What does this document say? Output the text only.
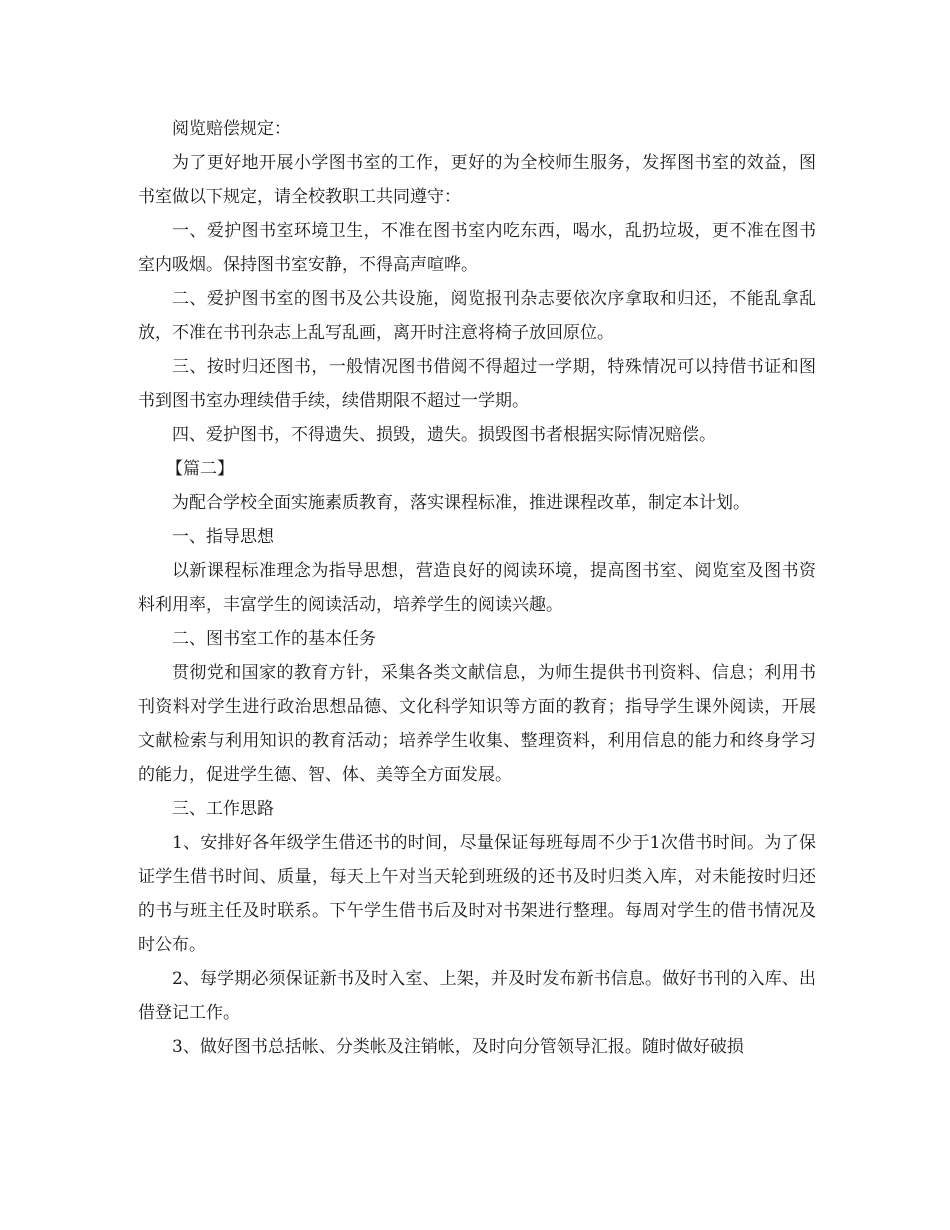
阅览赔偿规定：

为了更好地开展小学图书室的工作，更好的为全校师生服务，发挥图书室的效益，图书室做以下规定，请全校教职工共同遵守：

一、爱护图书室环境卫生，不准在图书室内吃东西，喝水，乱扔垃圾，更不准在图书室内吸烟。保持图书室安静，不得高声喧哗。

二、爱护图书室的图书及公共设施，阅览报刊杂志要依次序拿取和归还，不能乱拿乱放，不准在书刊杂志上乱写乱画，离开时注意将椅子放回原位。

三、按时归还图书，一般情况图书借阅不得超过一学期，特殊情况可以持借书证和图书到图书室办理续借手续，续借期限不超过一学期。

四、爱护图书，不得遗失、损毁，遗失。损毁图书者根据实际情况赔偿。

【篇二】

为配合学校全面实施素质教育，落实课程标准，推进课程改革，制定本计划。

一、指导思想

以新课程标准理念为指导思想，营造良好的阅读环境，提高图书室、阅览室及图书资料利用率，丰富学生的阅读活动，培养学生的阅读兴趣。

二、图书室工作的基本任务

贯彻党和国家的教育方针，采集各类文献信息，为师生提供书刊资料、信息；利用书刊资料对学生进行政治思想品德、文化科学知识等方面的教育；指导学生课外阅读，开展文献检索与利用知识的教育活动；培养学生收集、整理资料，利用信息的能力和终身学习的能力，促进学生德、智、体、美等全方面发展。

三、工作思路

1、安排好各年级学生借还书的时间，尽量保证每班每周不少于1次借书时间。为了保证学生借书时间、质量，每天上午对当天轮到班级的还书及时归类入库，对未能按时归还的书与班主任及时联系。下午学生借书后及时对书架进行整理。每周对学生的借书情况及时公布。

2、每学期必须保证新书及时入室、上架，并及时发布新书信息。做好书刊的入库、出借登记工作。

3、做好图书总括帐、分类帐及注销帐，及时向分管领导汇报。随时做好破损
